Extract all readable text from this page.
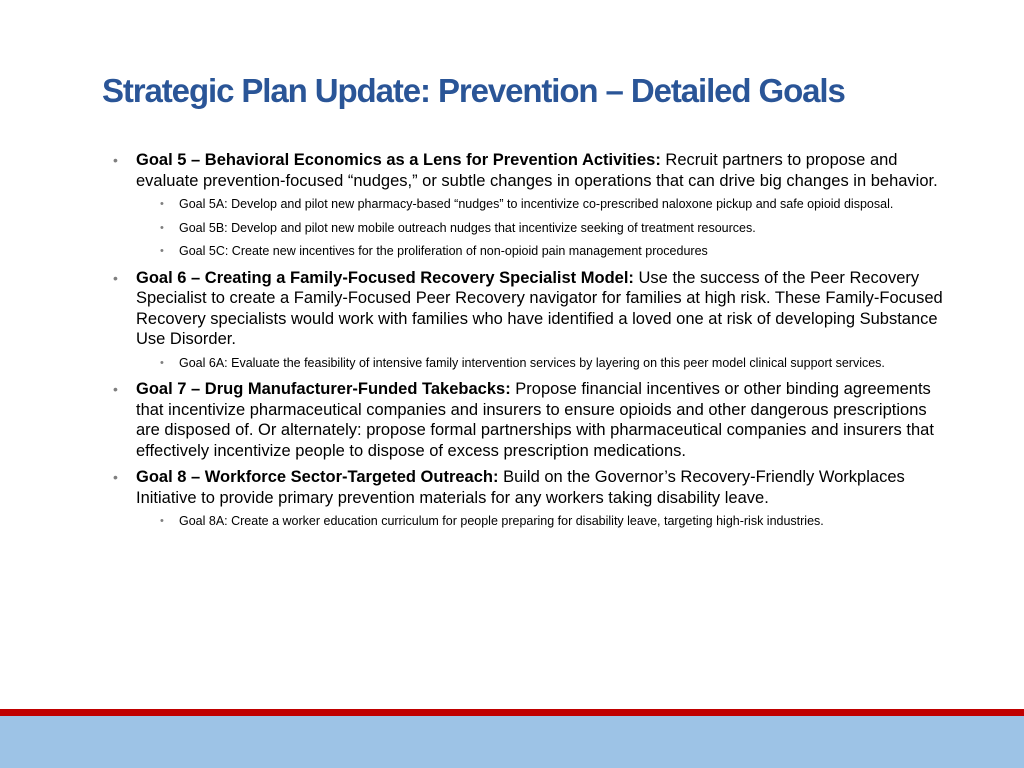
Strategic Plan Update: Prevention – Detailed Goals
• Goal 5 – Behavioral Economics as a Lens for Prevention Activities: Recruit partners to propose and evaluate prevention-focused “nudges,” or subtle changes in operations that can drive big changes in behavior.
• Goal 5A: Develop and pilot new pharmacy-based “nudges” to incentivize co-prescribed naloxone pickup and safe opioid disposal.
• Goal 5B: Develop and pilot new mobile outreach nudges that incentivize seeking of treatment resources.
• Goal 5C: Create new incentives for the proliferation of non-opioid pain management procedures
• Goal 6 – Creating a Family-Focused Recovery Specialist Model: Use the success of the Peer Recovery Specialist to create a Family-Focused Peer Recovery navigator for families at high risk. These Family-Focused Recovery specialists would work with families who have identified a loved one at risk of developing Substance Use Disorder.
• Goal 6A: Evaluate the feasibility of intensive family intervention services by layering on this peer model clinical support services.
• Goal 7 – Drug Manufacturer-Funded Takebacks: Propose financial incentives or other binding agreements that incentivize pharmaceutical companies and insurers to ensure opioids and other dangerous prescriptions are disposed of. Or alternately: propose formal partnerships with pharmaceutical companies and insurers that effectively incentivize people to dispose of excess prescription medications.
• Goal 8 – Workforce Sector-Targeted Outreach: Build on the Governor’s Recovery-Friendly Workplaces Initiative to provide primary prevention materials for any workers taking disability leave.
• Goal 8A: Create a worker education curriculum for people preparing for disability leave, targeting high-risk industries.
